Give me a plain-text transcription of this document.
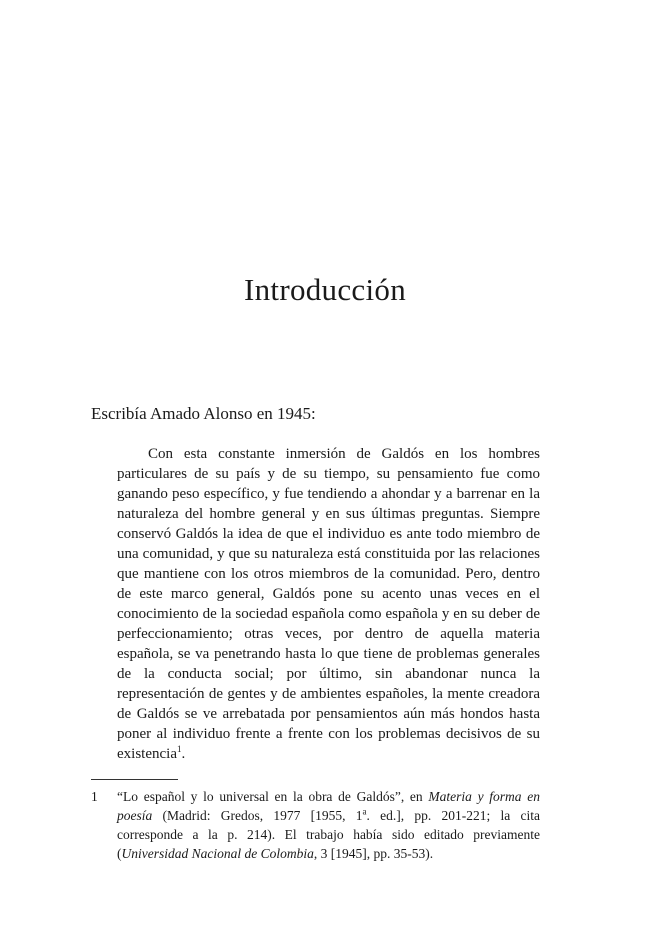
Introducción

Escribía Amado Alonso en 1945:

Con esta constante inmersión de Galdós en los hombres particulares de su país y de su tiempo, su pensamiento fue como ganando peso específico, y fue tendiendo a ahondar y a barrenar en la naturaleza del hombre general y en sus últimas preguntas. Siempre conservó Galdós la idea de que el individuo es ante todo miembro de una comunidad, y que su naturaleza está constituida por las relaciones que mantiene con los otros miembros de la comunidad. Pero, dentro de este marco general, Galdós pone su acento unas veces en el conocimiento de la sociedad española como española y en su deber de perfeccionamiento; otras veces, por dentro de aquella materia española, se va penetrando hasta lo que tiene de problemas generales de la conducta social; por último, sin abandonar nunca la representación de gentes y de ambientes españoles, la mente creadora de Galdós se ve arrebatada por pensamientos aún más hondos hasta poner al individuo frente a frente con los problemas decisivos de su existencia$^1$.

1 “Lo español y lo universal en la obra de Galdós”, en Materia y forma en poesía (Madrid: Gredos, 1977 [1955, 1$^a$. ed.], pp. 201-221; la cita corresponde a la p. 214). El trabajo había sido editado previamente (Universidad Nacional de Colombia, 3 [1945], pp. 35-53).
